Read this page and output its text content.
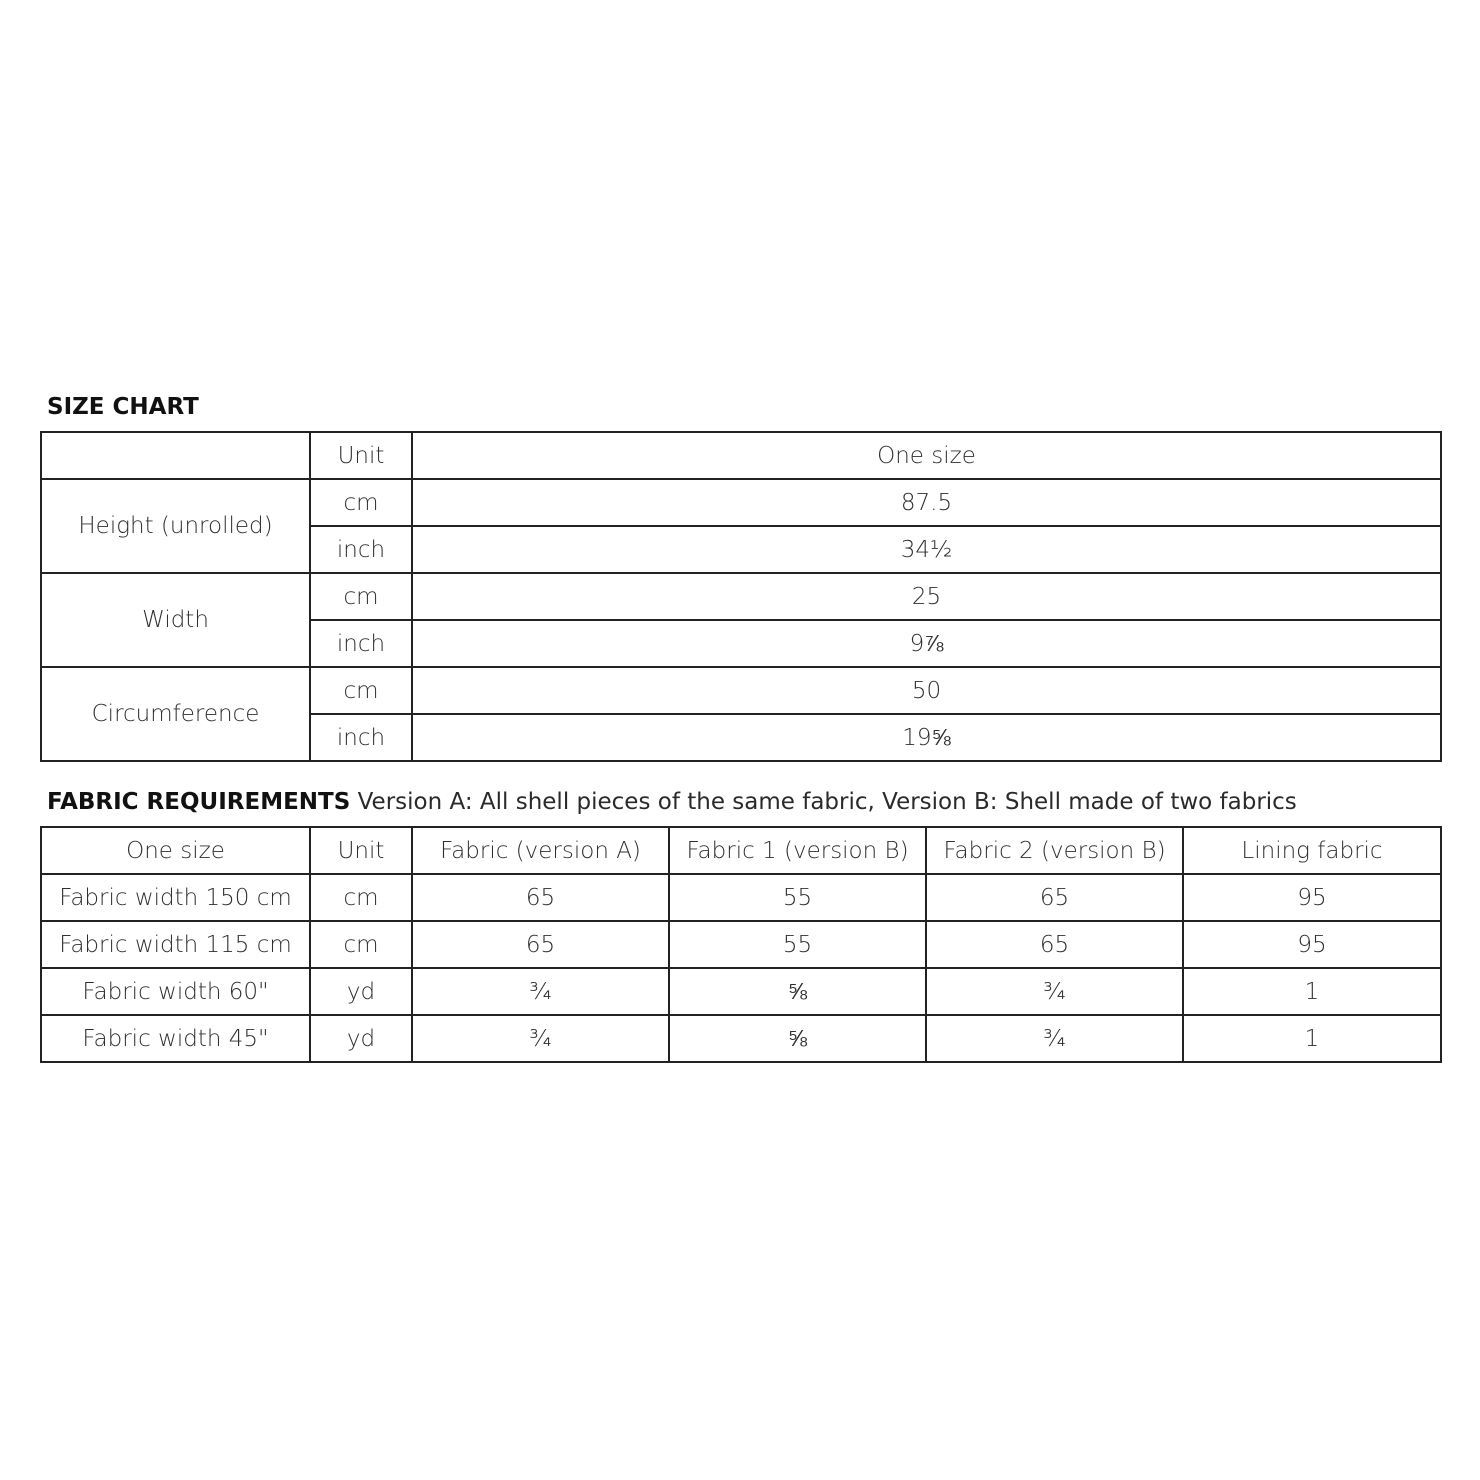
SIZE CHART
	Unit	One size
Height (unrolled)	cm	87.5
	inch	34½
Width	cm	25
	inch	9⅞
Circumference	cm	50
	inch	19⅝
FABRIC REQUIREMENTS Version A: All shell pieces of the same fabric, Version B: Shell made of two fabrics
One size	Unit	Fabric (version A)	Fabric 1 (version B)	Fabric 2 (version B)	Lining fabric
Fabric width 150 cm	cm	65	55	65	95
Fabric width 115 cm	cm	65	55	65	95
Fabric width 60"	yd	¾	⅝	¾	1
Fabric width 45"	yd	¾	⅝	¾	1
